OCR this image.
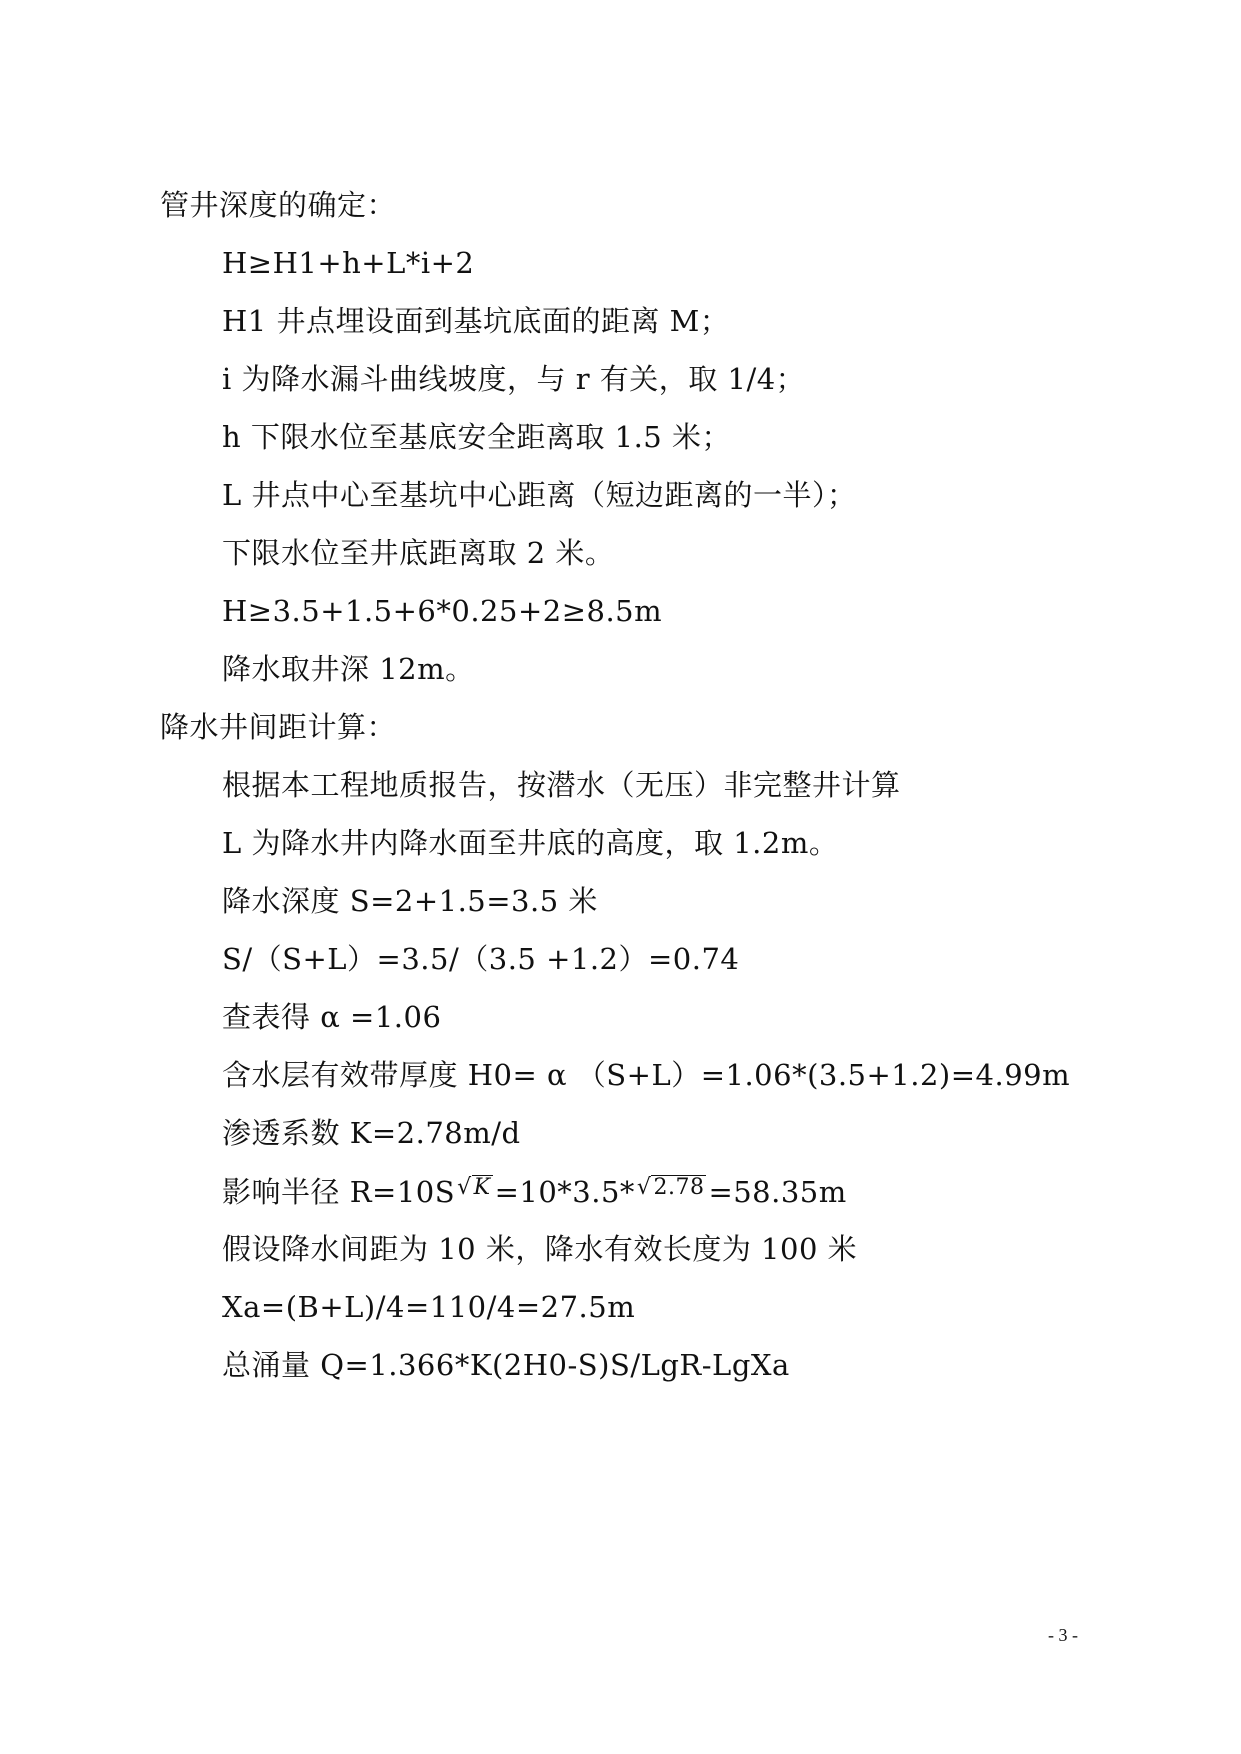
管井深度的确定：
H≥H1+h+L*i+2
H1 井点埋设面到基坑底面的距离 M；
i 为降水漏斗曲线坡度，与 r 有关，取 1/4；
h 下限水位至基底安全距离取 1.5 米；
L 井点中心至基坑中心距离（短边距离的一半）；
下限水位至井底距离取 2 米。
H≥3.5+1.5+6*0.25+2≥8.5m
降水取井深 12m。
降水井间距计算：
根据本工程地质报告，按潜水（无压）非完整井计算
L 为降水井内降水面至井底的高度，取 1.2m。
降水深度 S=2+1.5=3.5 米
S/（S+L）=3.5/（3.5 +1.2）=0.74
查表得 α =1.06
含水层有效带厚度 H0= α （S+L）=1.06*(3.5+1.2)=4.99m
渗透系数 K=2.78m/d
影响半径 R=10S√K =10*3.5*√2.78 =58.35m
假设降水间距为 10 米，降水有效长度为 100 米
Xa=(B+L)/4=110/4=27.5m
总涌量 Q=1.366*K(2H0-S)S/LgR-LgXa
- 3 -
